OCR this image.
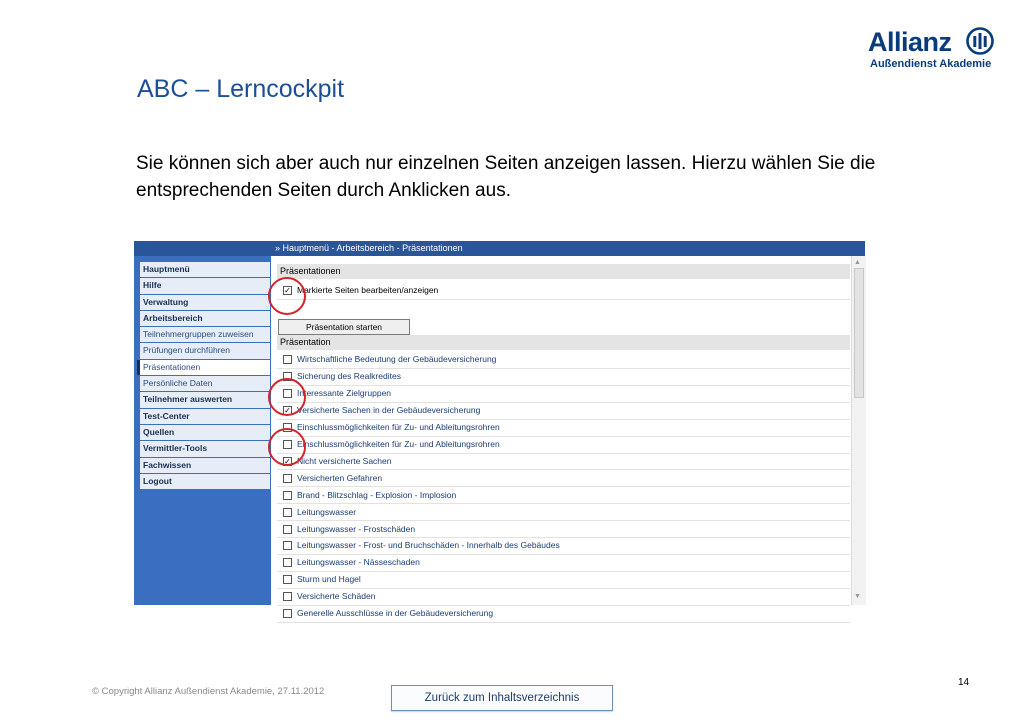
Allianz
Außendienst Akademie
ABC – Lerncockpit
Sie können sich aber auch nur einzelnen Seiten anzeigen lassen. Hierzu wählen Sie die entsprechenden Seiten durch Anklicken aus.
» Hauptmenü - Arbeitsbereich - Präsentationen
Hauptmenü
Hilfe
Verwaltung
Arbeitsbereich
Teilnehmergruppen zuweisen
Prüfungen durchführen
Präsentationen
Persönliche Daten
Teilnehmer auswerten
Test-Center
Quellen
Vermittler-Tools
Fachwissen
Logout
Präsentationen
✓ Markierte Seiten bearbeiten/anzeigen
Präsentation starten
Präsentation
Wirtschaftliche Bedeutung der Gebäudeversicherung
Sicherung des Realkredites
Interessante Zielgruppen
✓ Versicherte Sachen in der Gebäudeversicherung
Einschlussmöglichkeiten für Zu- und Ableitungsrohren
Einschlussmöglichkeiten für Zu- und Ableitungsrohren
✓ Nicht versicherte Sachen
Versicherten Gefahren
Brand - Blitzschlag - Explosion - Implosion
Leitungswasser
Leitungswasser - Frostschäden
Leitungswasser - Frost- und Bruchschäden - Innerhalb des Gebäudes
Leitungswasser - Nässeschaden
Sturm und Hagel
Versicherte Schäden
Generelle Ausschlüsse in der Gebäudeversicherung
▲
▼
© Copyright Allianz Außendienst Akademie, 27.11.2012
Zurück zum Inhaltsverzeichnis
14
